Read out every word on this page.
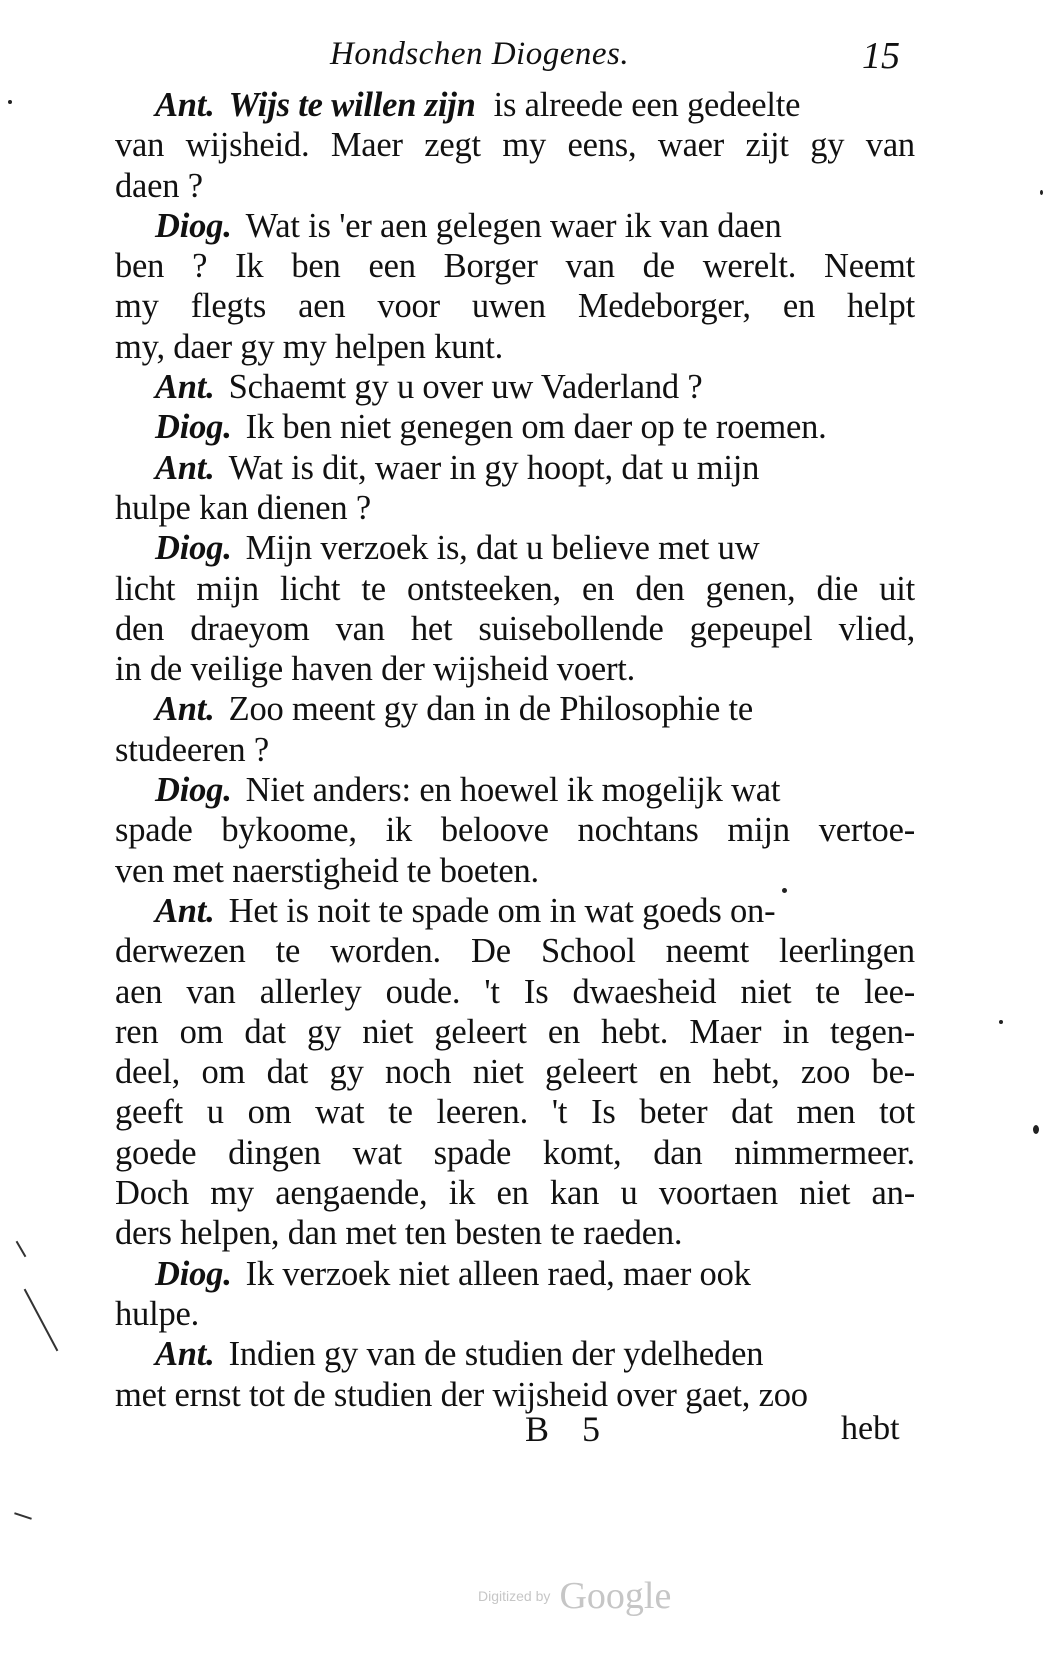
Hondschen Diogenes.	15
Ant. Wijs te willen zijn is alreede een gedeelte
van wijsheid. Maer zegt my eens, waer zijt gy van
daen ?
Diog. Wat is 'er aen gelegen waer ik van daen
ben ? Ik ben een Borger van de werelt. Neemt
my flegts aen voor uwen Medeborger, en helpt
my, daer gy my helpen kunt.
Ant. Schaemt gy u over uw Vaderland ?
Diog. Ik ben niet genegen om daer op te roemen.
Ant. Wat is dit, waer in gy hoopt, dat u mijn
hulpe kan dienen ?
Diog. Mijn verzoek is, dat u believe met uw
licht mijn licht te ontsteeken, en den genen, die uit
den draeyom van het suisebollende gepeupel vlied,
in de veilige haven der wijsheid voert.
Ant. Zoo meent gy dan in de Philosophie te
studeeren ?
Diog. Niet anders: en hoewel ik mogelijk wat
spade bykoome, ik beloove nochtans mijn vertoe-
ven met naerstigheid te boeten.
Ant. Het is noit te spade om in wat goeds on-
derwezen te worden. De School neemt leerlingen
aen van allerley oude. 't Is dwaesheid niet te lee-
ren om dat gy niet geleert en hebt. Maer in tegen-
deel, om dat gy noch niet geleert en hebt, zoo be-
geeft u om wat te leeren. 't Is beter dat men tot
goede dingen wat spade komt, dan nimmermeer.
Doch my aengaende, ik en kan u voortaen niet an-
ders helpen, dan met ten besten te raeden.
Diog. Ik verzoek niet alleen raed, maer ook
hulpe.
Ant. Indien gy van de studien der ydelheden
met ernst tot de studien der wijsheid over gaet, zoo
B 5	hebt
Digitized by Google
